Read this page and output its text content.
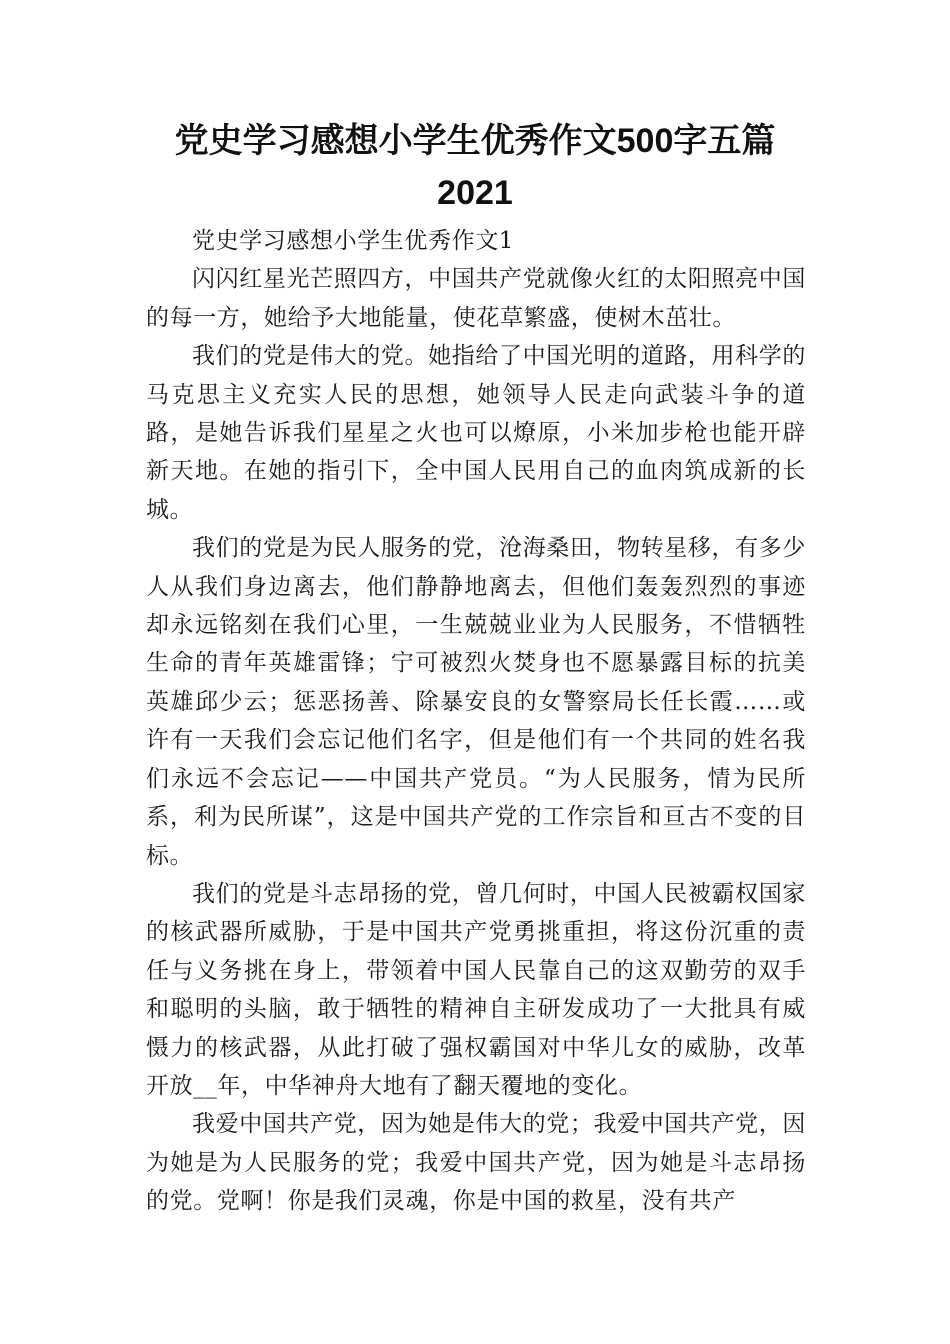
党史学习感想小学生优秀作文500字五篇
2021

党史学习感想小学生优秀作文1

闪闪红星光芒照四方，中国共产党就像火红的太阳照亮中国的每一方，她给予大地能量，使花草繁盛，使树木茁壮。

我们的党是伟大的党。她指给了中国光明的道路，用科学的马克思主义充实人民的思想，她领导人民走向武装斗争的道路，是她告诉我们星星之火也可以燎原，小米加步枪也能开辟新天地。在她的指引下，全中国人民用自己的血肉筑成新的长城。

我们的党是为民人服务的党，沧海桑田，物转星移，有多少人从我们身边离去，他们静静地离去，但他们轰轰烈烈的事迹却永远铭刻在我们心里，一生兢兢业业为人民服务，不惜牺牲生命的青年英雄雷锋；宁可被烈火焚身也不愿暴露目标的抗美英雄邱少云；惩恶扬善、除暴安良的女警察局长任长霞……或许有一天我们会忘记他们名字，但是他们有一个共同的姓名我们永远不会忘记——中国共产党员。“为人民服务，情为民所系，利为民所谋”，这是中国共产党的工作宗旨和亘古不变的目标。

我们的党是斗志昂扬的党，曾几何时，中国人民被霸权国家的核武器所威胁，于是中国共产党勇挑重担，将这份沉重的责任与义务挑在身上，带领着中国人民靠自己的这双勤劳的双手和聪明的头脑，敢于牺牲的精神自主研发成功了一大批具有威慑力的核武器，从此打破了强权霸国对中华儿女的威胁，改革开放__年，中华神舟大地有了翻天覆地的变化。

我爱中国共产党，因为她是伟大的党；我爱中国共产党，因为她是为人民服务的党；我爱中国共产党，因为她是斗志昂扬的党。党啊！你是我们灵魂，你是中国的救星，没有共产
